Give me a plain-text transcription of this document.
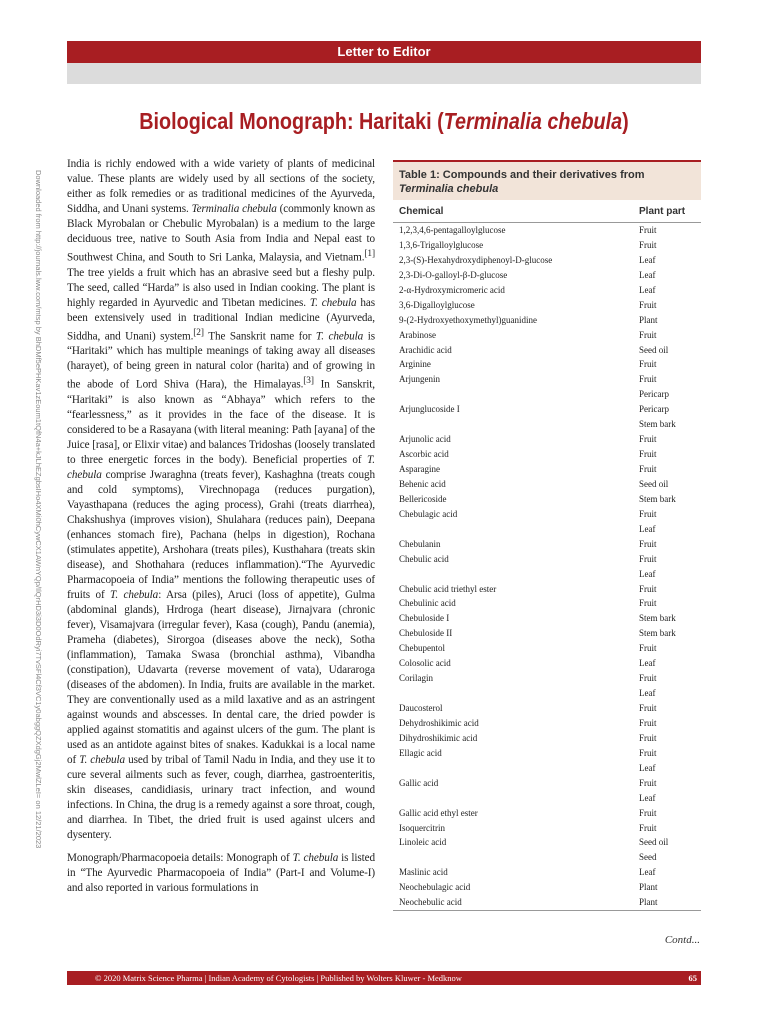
Letter to Editor
Biological Monograph: Haritaki (Terminalia chebula)
Downloaded from http://journals.lww.com/mtsp by BhDMf5ePHKav1zEoum1tQfN4a+kJLhEZgbsIHo4XMi0hCywCX1AWnYQp/IlQrHD3i3D0OdRyi7TvSFl4Cf3VC1y0abggQZXdgGj2MwlZLeI= on 12/21/2023

India is richly endowed with a wide variety of plants of medicinal value. These plants are widely used by all sections of the society, either as folk remedies or as traditional medicines of the Ayurveda, Siddha, and Unani systems. Terminalia chebula (commonly known as Black Myrobalan or Chebulic Myrobalan) is a medium to the large deciduous tree, native to South Asia from India and Nepal east to Southwest China, and South to Sri Lanka, Malaysia, and Vietnam.[1] The tree yields a fruit which has an abrasive seed but a fleshy pulp. The seed, called “Harda” is also used in Indian cooking. The plant is highly regarded in Ayurvedic and Tibetan medicines. T. chebula has been extensively used in traditional Indian medicine (Ayurveda, Siddha, and Unani) system.[2] The Sanskrit name for T. chebula is “Haritaki” which has multiple meanings of taking away all diseases (harayet), of being green in natural color (harita) and of growing in the abode of Lord Shiva (Hara), the Himalayas.[3] In Sanskrit, “Haritaki” is also known as “Abhaya” which refers to the “fearlessness,” as it provides in the face of the disease. It is considered to be a Rasayana (with literal meaning: Path [ayana] of the Juice [rasa], or Elixir vitae) and balances Tridoshas (loosely translated to three energetic forces in the body). Beneficial properties of T. chebula comprise Jwaraghna (treats fever), Kashaghna (treats cough and cold symptoms), Virechnopaga (reduces purgation), Vayasthapana (reduces the aging process), Grahi (treats diarrhea), Chakshushya (improves vision), Shulahara (reduces pain), Deepana (enhances stomach fire), Pachana (helps in digestion), Rochana (stimulates appetite), Arshohara (treats piles), Kusthahara (treats skin disease), and Shothahara (reduces inflammation).“The Ayurvedic Pharmacopoeia of India” mentions the following therapeutic uses of fruits of T. chebula: Arsa (piles), Aruci (loss of appetite), Gulma (abdominal glands), Hrdroga (heart disease), Jirnajvara (chronic fever), Visamajvara (irregular fever), Kasa (cough), Pandu (anemia), Prameha (diabetes), Sirorgoa (diseases above the neck), Sotha (inflammation), Tamaka Swasa (bronchial asthma), Vibandha (constipation), Udavarta (reverse movement of vata), Udararoga (diseases of the abdomen). In India, fruits are available in the market. They are conventionally used as a mild laxative and as an astringent against wounds and abscesses. In dental care, the dried powder is applied against stomatitis and against ulcers of the gum. The plant is used as an antidote against bites of snakes. Kadukkai is a local name of T. chebula used by tribal of Tamil Nadu in India, and they use it to cure several ailments such as fever, cough, diarrhea, gastroenteritis, skin diseases, candidiasis, urinary tract infection, and wound infections. In China, the drug is a remedy against a sore throat, cough, and diarrhea. In Tibet, the dried fruit is used against ulcers and dysentery.

Monograph/Pharmacopoeia details: Monograph of T. chebula is listed in “The Ayurvedic Pharmacopoeia of India” (Part-I and Volume-I) and also reported in various formulations in

Table 1: Compounds and their derivatives from Terminalia chebula
Chemical	Plant part
1,2,3,4,6-pentagalloylglucose	Fruit
1,3,6-Trigalloylglucose	Fruit
2,3-(S)-Hexahydroxydiphenoyl-D-glucose	Leaf
2,3-Di-O-galloyl-β-D-glucose	Leaf
2-α-Hydroxymicromeric acid	Leaf
3,6-Digalloylglucose	Fruit
9-(2-Hydroxyethoxymethyl)guanidine	Plant
Arabinose	Fruit
Arachidic acid	Seed oil
Arginine	Fruit
Arjungenin	Fruit
	Pericarp
Arjunglucoside I	Pericarp
	Stem bark
Arjunolic acid	Fruit
Ascorbic acid	Fruit
Asparagine	Fruit
Behenic acid	Seed oil
Bellericoside	Stem bark
Chebulagic acid	Fruit
	Leaf
Chebulanin	Fruit
Chebulic acid	Fruit
	Leaf
Chebulic acid triethyl ester	Fruit
Chebulinic acid	Fruit
Chebuloside I	Stem bark
Chebuloside II	Stem bark
Chebupentol	Fruit
Colosolic acid	Leaf
Corilagin	Fruit
	Leaf
Daucosterol	Fruit
Dehydroshikimic acid	Fruit
Dihydroshikimic acid	Fruit
Ellagic acid	Fruit
	Leaf
Gallic acid	Fruit
	Leaf
Gallic acid ethyl ester	Fruit
Isoquercitrin	Fruit
Linoleic acid	Seed oil
	Seed
Maslinic acid	Leaf
Neochebulagic acid	Plant
Neochebulic acid	Plant
Contd...
© 2020 Matrix Science Pharma | Indian Academy of Cytologists | Published by Wolters Kluwer - Medknow	65
